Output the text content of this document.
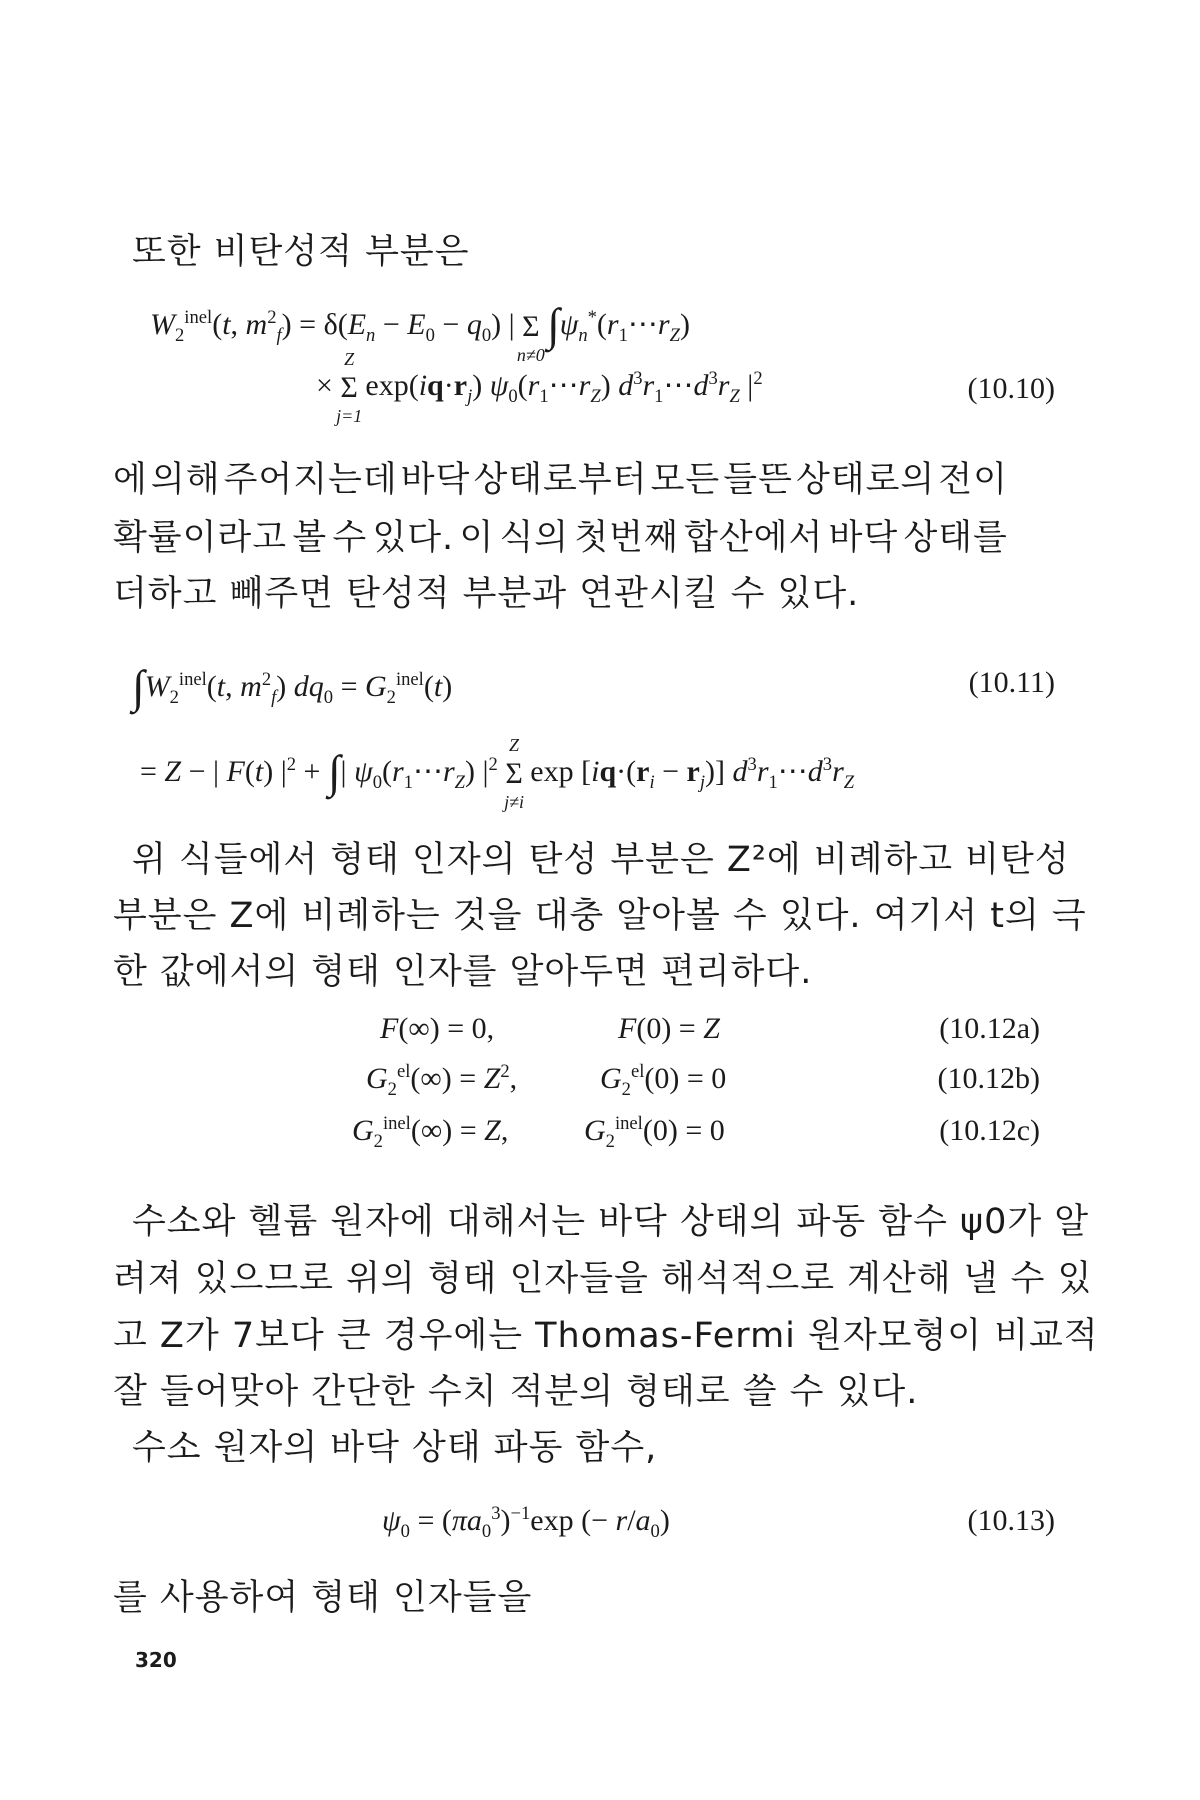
또한 비탄성적 부분은
$W_2^{inel}(t$, $m^2_f) = \delta(E_n - E_0 - q_0)$ | Σ
n≠0
$\int\psi_n^*(r_1\cdots r_Z)$
×
Z
Σ
j=1
$\exp(iq\cdot r_j)$ $\psi_0(r_1\cdots r_Z)$ $d^3r_1\cdots d^3r_Z$ $|^2$	(10.10)
에 의해 주어지는데 바닥 상태로부터 모든 들뜬 상태로의 전이
확률이라고 볼 수 있다. 이 식의 첫번째 합산에서 바닥 상태를
더하고 빼주면 탄성적 부분과 연관시킬 수 있다.
$\int W_2^{inel}(t$, $m^2_f$) $dq_0 = G_2^{inel}(t)$	(10.11)
= Z − | F(t) $|^2$ + ∫| $\psi_0(r_1\cdots r_Z)$ $|^2$
Z
Σ
j≠i
$\exp [iq\cdot(r_i - r_j)]$ $d^3r_1\cdots d^3r_Z$
위 식들에서 형태 인자의 탄성 부분은 Z²에 비례하고 비탄성
부분은 Z에 비례하는 것을 대충 알아볼 수 있다. 여기서 t의 극
한 값에서의 형태 인자를 알아두면 편리하다.
F(∞) = 0,	F(0) = Z	(10.12a)
$G_2^{el}(\infty) = Z^2$,	$G_2^{el}(0) = 0$	(10.12b)
$G_2^{inel}(\infty) = Z$,	$G_2^{inel}(0) = 0$	(10.12c)
수소와 헬륨 원자에 대해서는 바닥 상태의 파동 함수 ψ0가 알
려져 있으므로 위의 형태 인자들을 해석적으로 계산해 낼 수 있
고 Z가 7보다 큰 경우에는 Thomas-Fermi 원자모형이 비교적
잘 들어맞아 간단한 수치 적분의 형태로 쓸 수 있다.
수소 원자의 바닥 상태 파동 함수,
$\psi_0 = (\pi a_0^3)^{-1}\exp$ (− $r/a_0$)	(10.13)
를 사용하여 형태 인자들을
320
